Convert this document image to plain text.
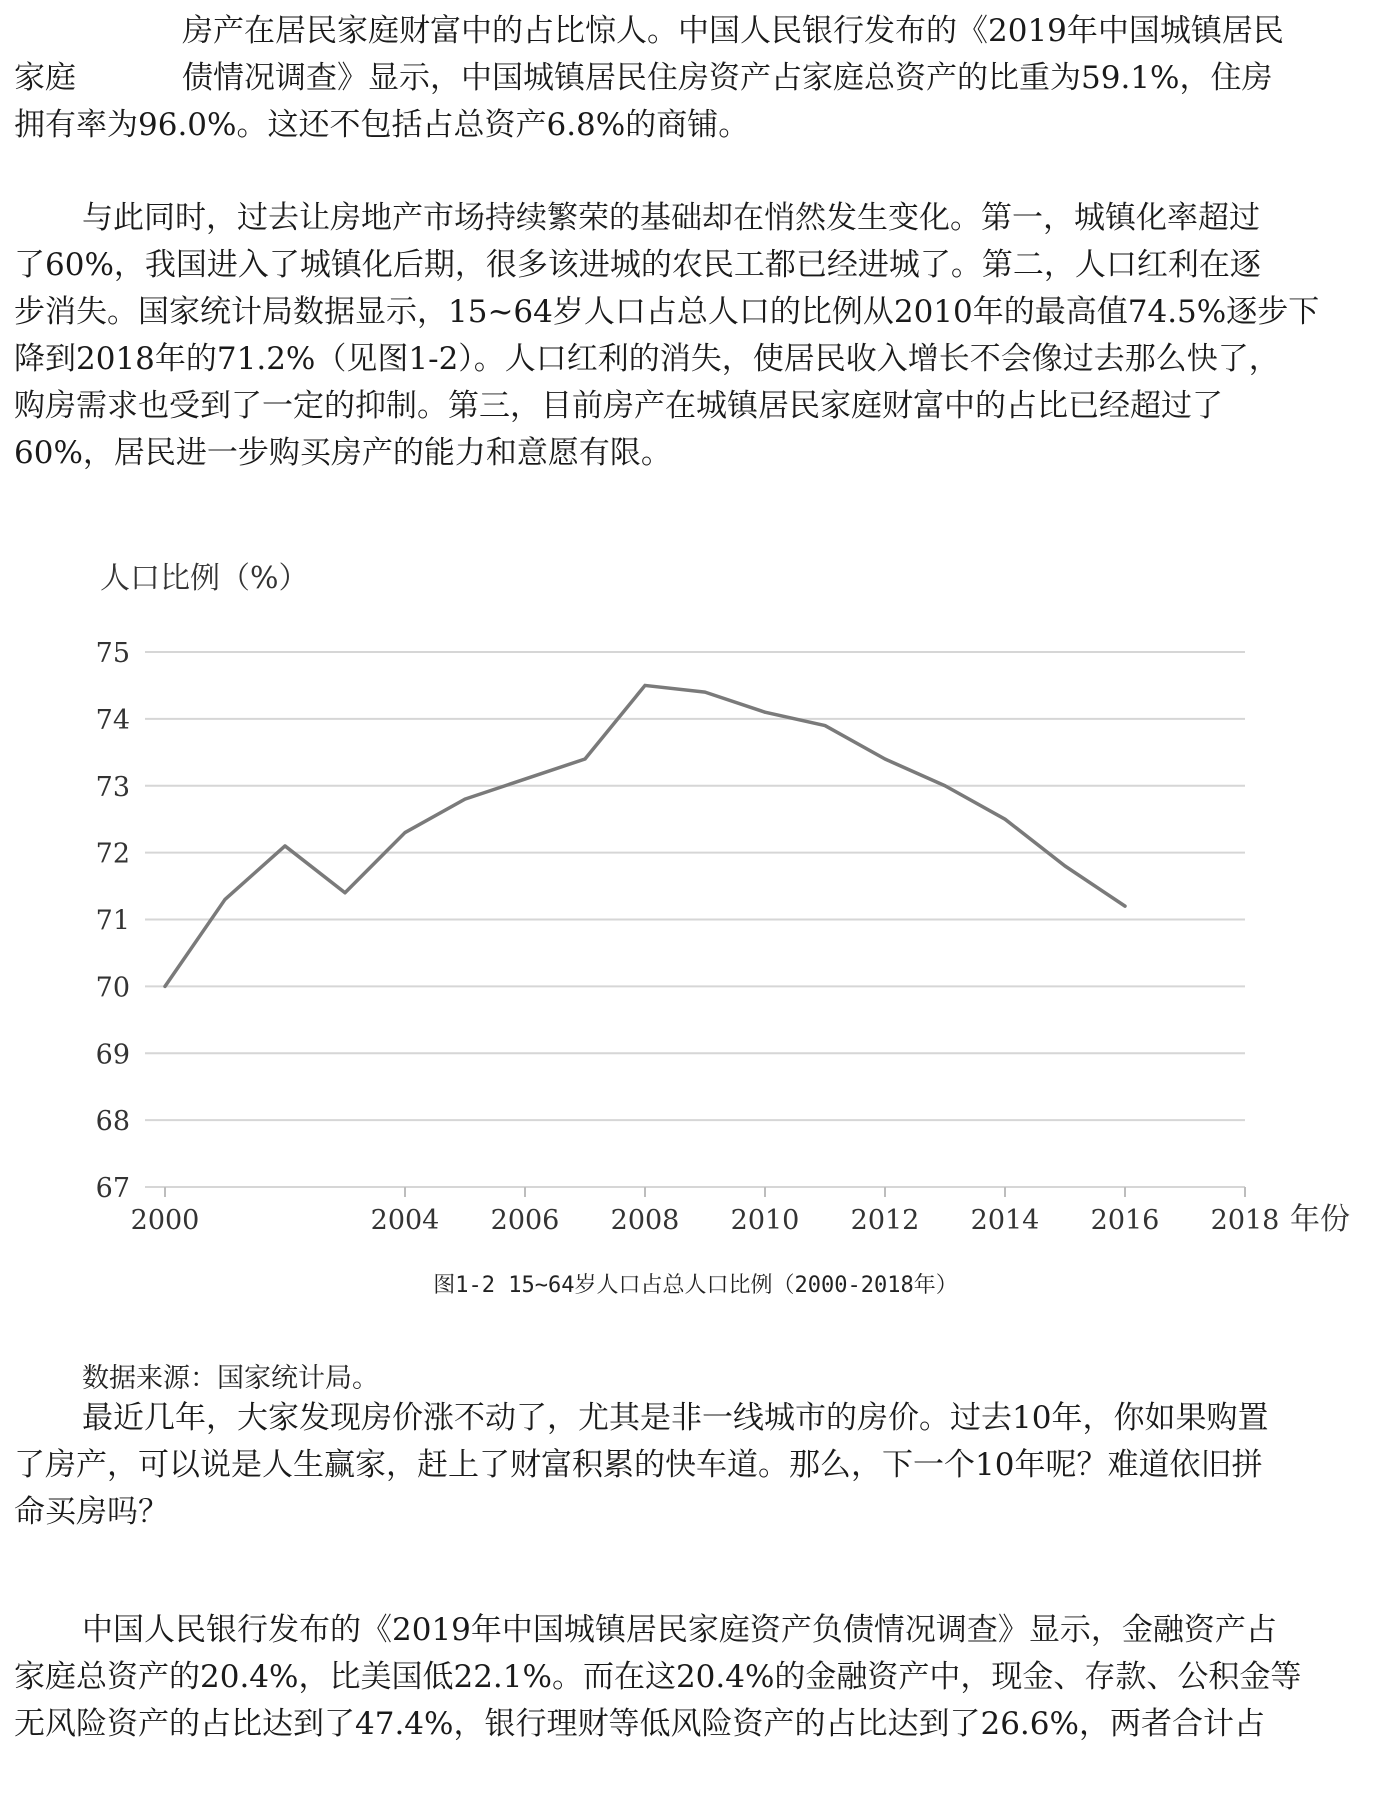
房产在居民家庭财富中的占比惊人。中国人民银行发布的《2019年中国城镇居民
家庭	债情况调查》显示，中国城镇居民住房资产占家庭总资产的比重为59.1%，住房
拥有率为96.0%。这还不包括占总资产6.8%的商铺。
与此同时，过去让房地产市场持续繁荣的基础却在悄然发生变化。第一，城镇化率超过
了60%，我国进入了城镇化后期，很多该进城的农民工都已经进城了。第二，人口红利在逐
步消失。国家统计局数据显示，15~64岁人口占总人口的比例从2010年的最高值74.5%逐步下
降到2018年的71.2%（见图1-2）。人口红利的消失，使居民收入增长不会像过去那么快了，
购房需求也受到了一定的抑制。第三，目前房产在城镇居民家庭财富中的占比已经超过了
60%，居民进一步购买房产的能力和意愿有限。
人口比例（%）
67
68
69
70
71
72
73
74
75
2000	2004 2006 2008 2010 2012 2014 2016 2018 年份
图1-2 15~64岁人口占总人口比例（2000-2018年）
数据来源：国家统计局。
最近几年，大家发现房价涨不动了，尤其是非一线城市的房价。过去10年，你如果购置
了房产，可以说是人生赢家，赶上了财富积累的快车道。那么，下一个10年呢？难道依旧拼
命买房吗？
中国人民银行发布的《2019年中国城镇居民家庭资产负债情况调查》显示，金融资产占
家庭总资产的20.4%，比美国低22.1%。而在这20.4%的金融资产中，现金、存款、公积金等
无风险资产的占比达到了47.4%，银行理财等低风险资产的占比达到了26.6%，两者合计占
